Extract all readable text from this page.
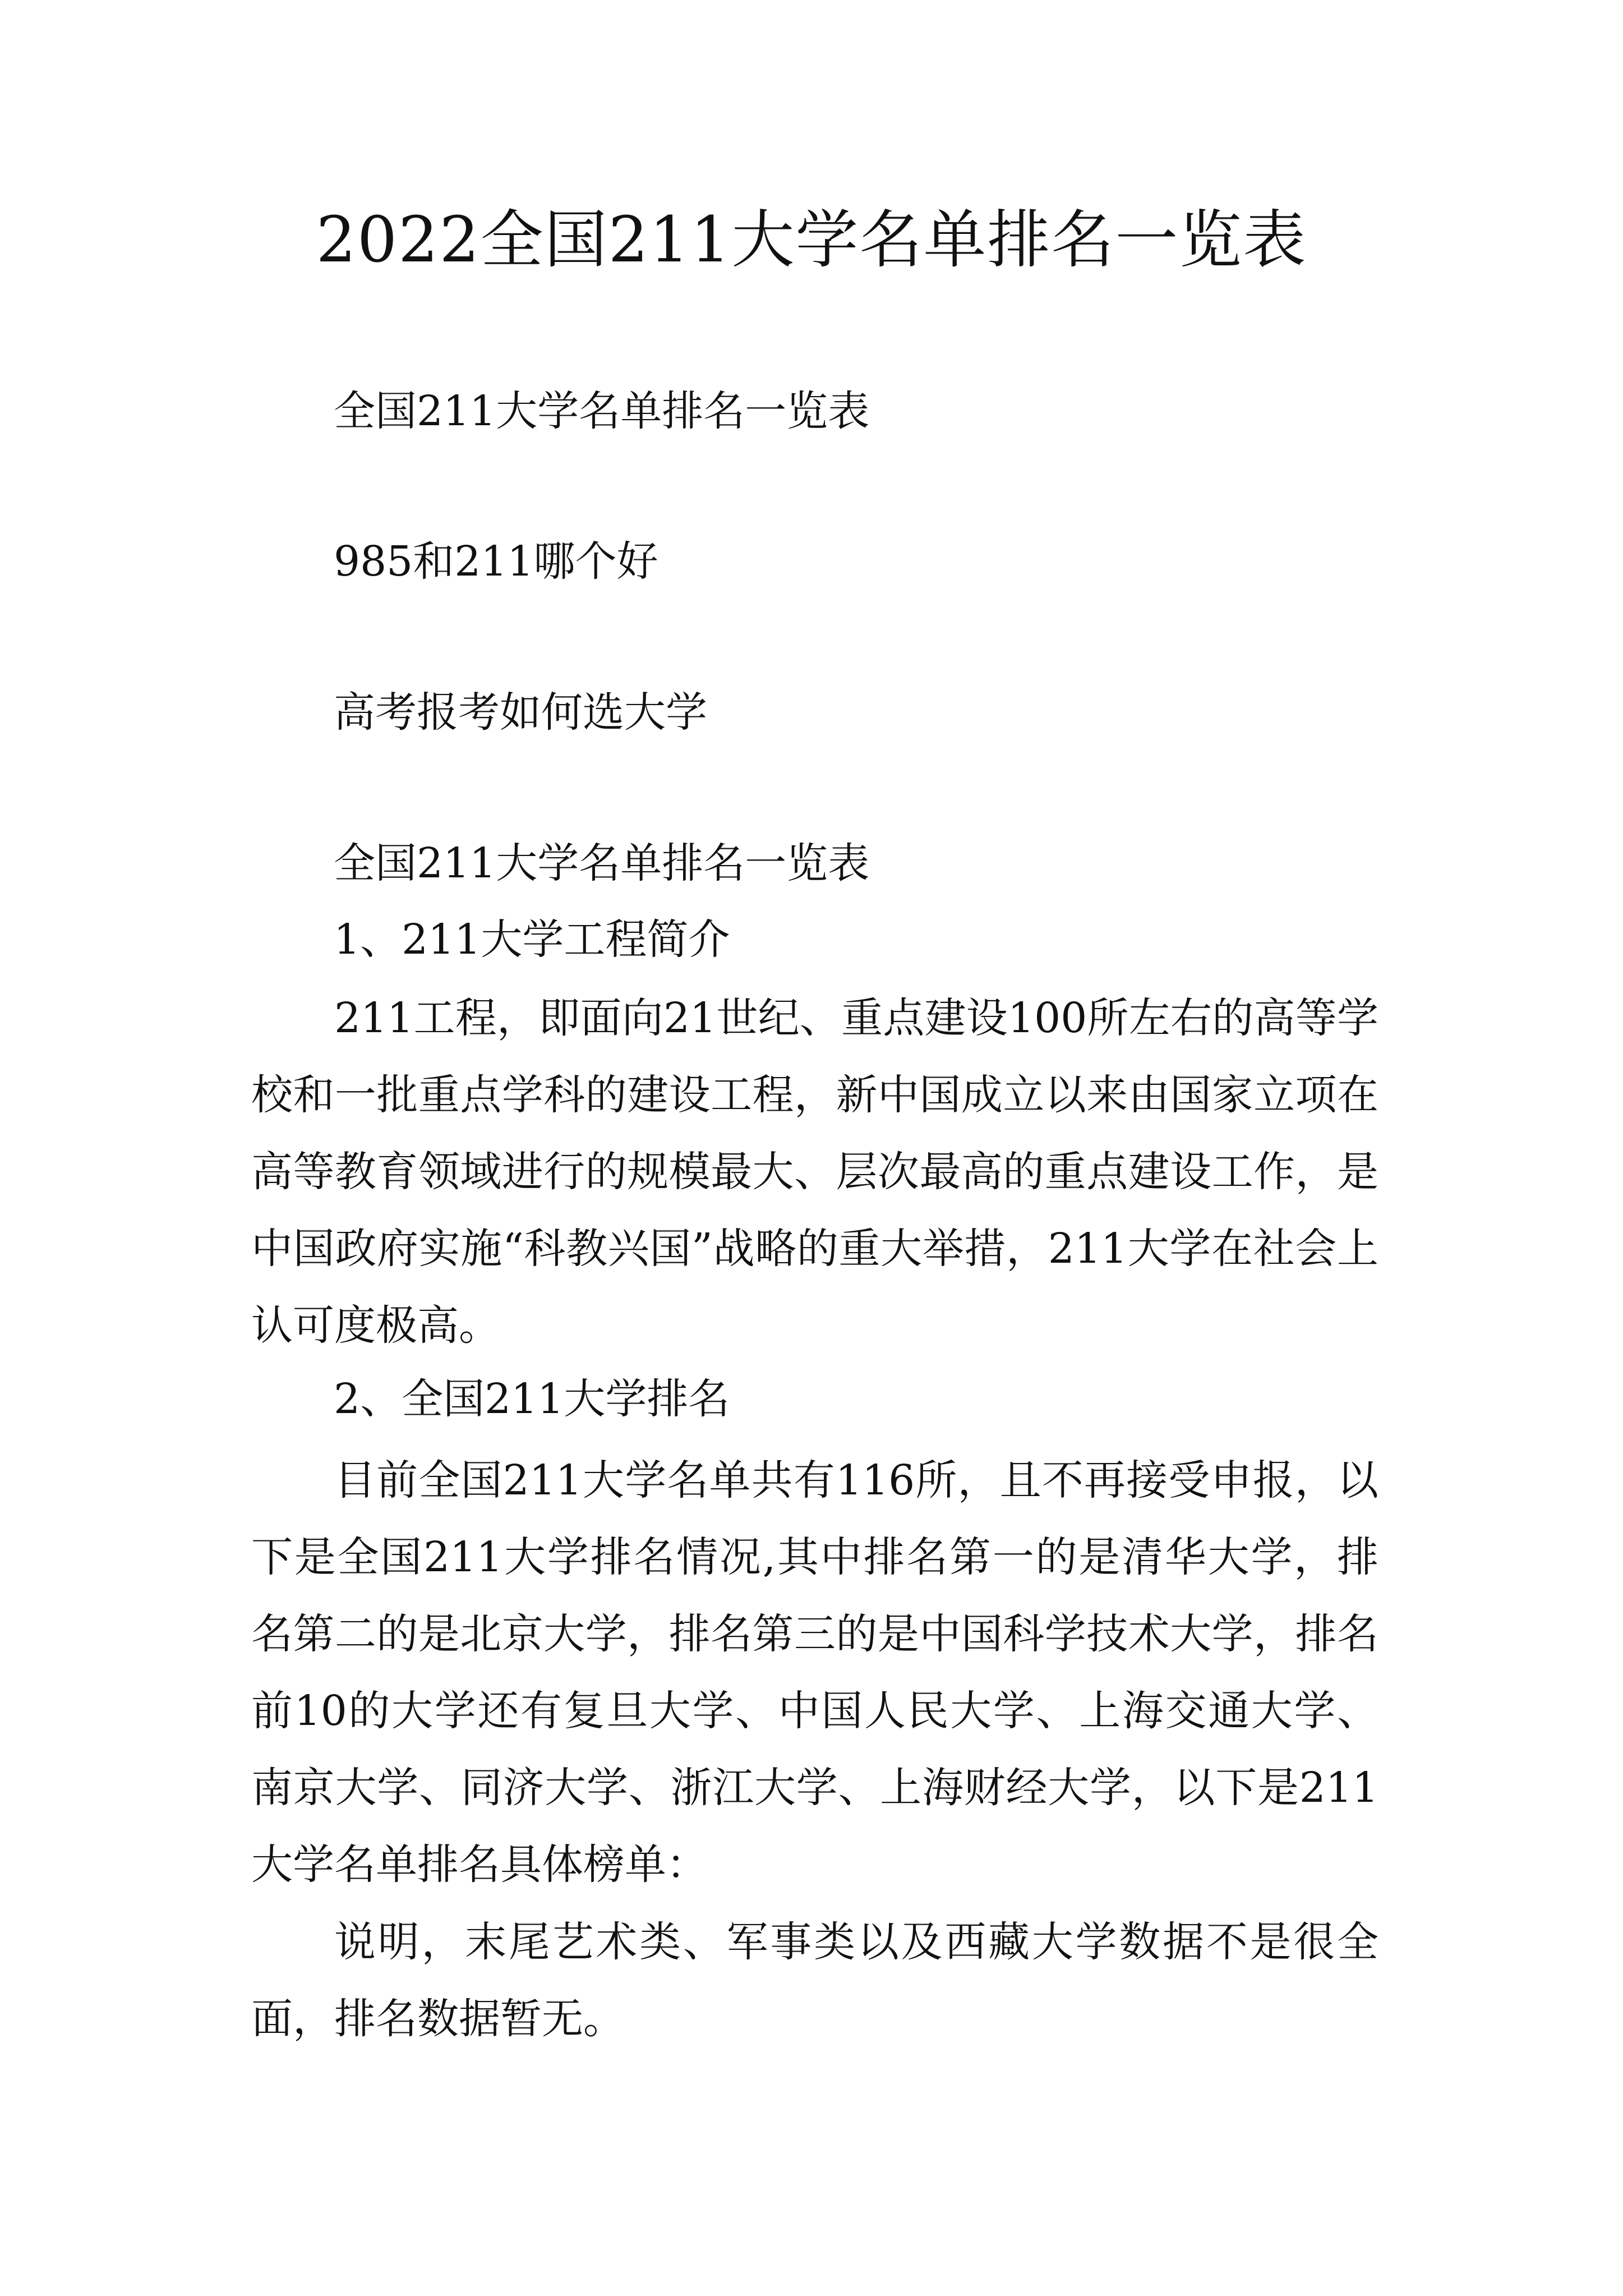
2022全国211大学名单排名一览表

全国211大学名单排名一览表

985和211哪个好

高考报考如何选大学

全国211大学名单排名一览表

1、211大学工程简介

211工程，即面向21世纪、重点建设100所左右的高等学校和一批重点学科的建设工程，新中国成立以来由国家立项在高等教育领域进行的规模最大、层次最高的重点建设工作，是中国政府实施“科教兴国”战略的重大举措，211大学在社会上认可度极高。

2、全国211大学排名

目前全国211大学名单共有116所，且不再接受申报，以下是全国211大学排名情况,其中排名第一的是清华大学，排名第二的是北京大学，排名第三的是中国科学技术大学，排名前10的大学还有复旦大学、中国人民大学、上海交通大学、南京大学、同济大学、浙江大学、上海财经大学，以下是211大学名单排名具体榜单：

说明，末尾艺术类、军事类以及西藏大学数据不是很全面，排名数据暂无。
